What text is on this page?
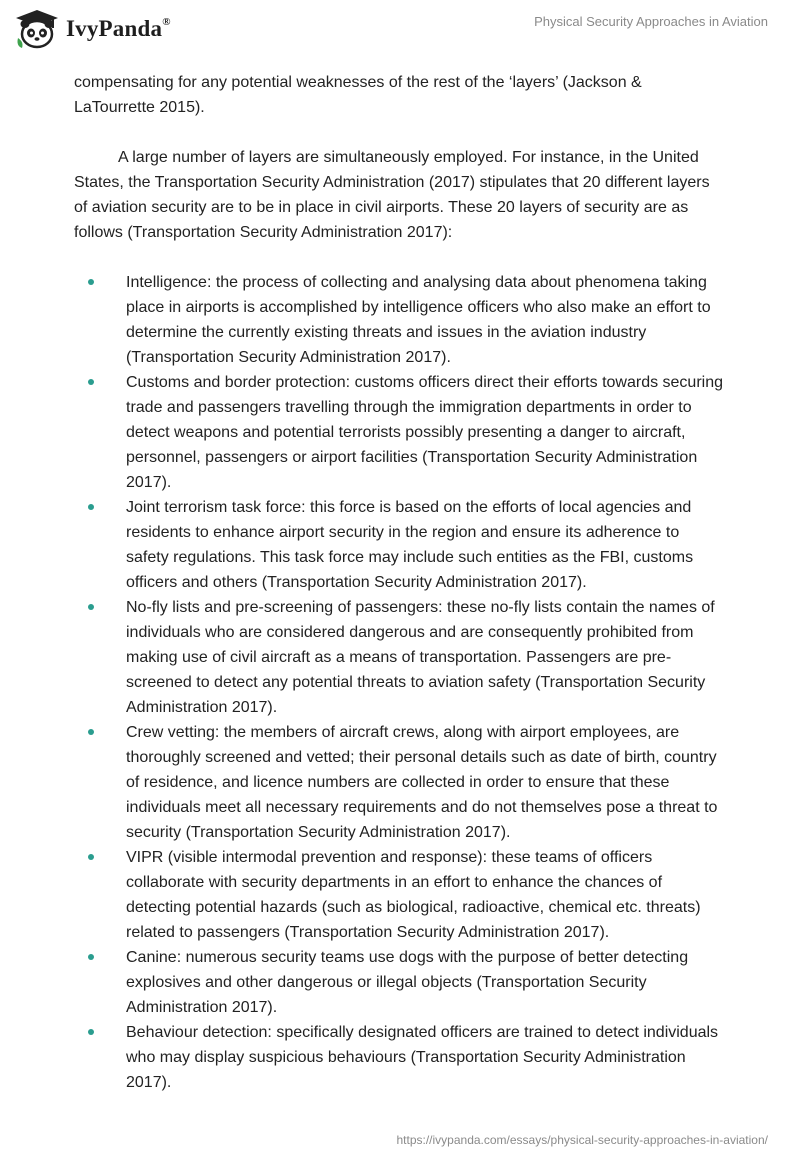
IvyPanda®	Physical Security Approaches in Aviation

compensating for any potential weaknesses of the rest of the ‘layers’ (Jackson & LaTourrette 2015).

A large number of layers are simultaneously employed. For instance, in the United States, the Transportation Security Administration (2017) stipulates that 20 different layers of aviation security are to be in place in civil airports. These 20 layers of security are as follows (Transportation Security Administration 2017):

Intelligence: the process of collecting and analysing data about phenomena taking place in airports is accomplished by intelligence officers who also make an effort to determine the currently existing threats and issues in the aviation industry (Transportation Security Administration 2017).
Customs and border protection: customs officers direct their efforts towards securing trade and passengers travelling through the immigration departments in order to detect weapons and potential terrorists possibly presenting a danger to aircraft, personnel, passengers or airport facilities (Transportation Security Administration 2017).
Joint terrorism task force: this force is based on the efforts of local agencies and residents to enhance airport security in the region and ensure its adherence to safety regulations. This task force may include such entities as the FBI, customs officers and others (Transportation Security Administration 2017).
No-fly lists and pre-screening of passengers: these no-fly lists contain the names of individuals who are considered dangerous and are consequently prohibited from making use of civil aircraft as a means of transportation. Passengers are pre-screened to detect any potential threats to aviation safety (Transportation Security Administration 2017).
Crew vetting: the members of aircraft crews, along with airport employees, are thoroughly screened and vetted; their personal details such as date of birth, country of residence, and licence numbers are collected in order to ensure that these individuals meet all necessary requirements and do not themselves pose a threat to security (Transportation Security Administration 2017).
VIPR (visible intermodal prevention and response): these teams of officers collaborate with security departments in an effort to enhance the chances of detecting potential hazards (such as biological, radioactive, chemical etc. threats) related to passengers (Transportation Security Administration 2017).
Canine: numerous security teams use dogs with the purpose of better detecting explosives and other dangerous or illegal objects (Transportation Security Administration 2017).
Behaviour detection: specifically designated officers are trained to detect individuals who may display suspicious behaviours (Transportation Security Administration 2017).
https://ivypanda.com/essays/physical-security-approaches-in-aviation/
